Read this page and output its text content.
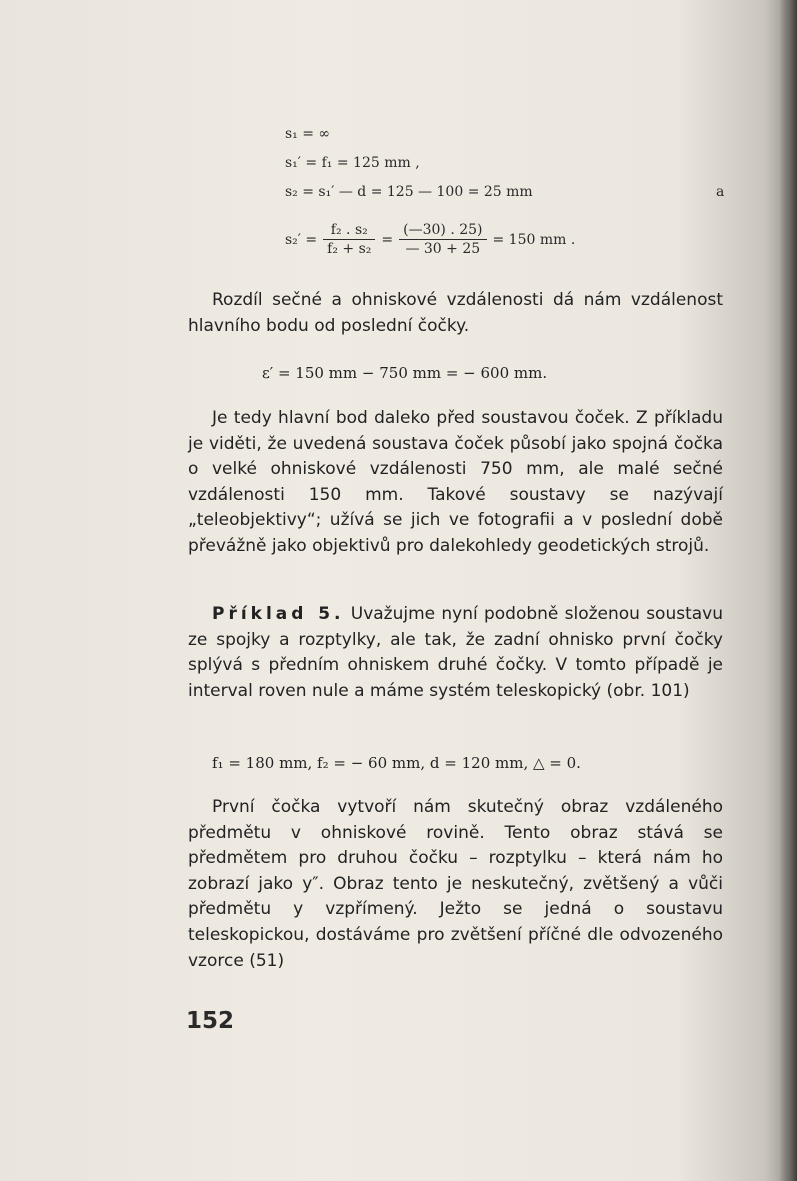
s₁ = ∞
s₁′ = f₁ = 125 mm ,
s₂ = s₁′ — d = 125 — 100 = 25 mm	a
$s_2' = \frac{\text{f₂ . s₂}}{\text{f₂ + s₂}} = \frac{(—30) . 25)}{— 30 + 25} = 150$ mm .

Rozdíl sečné a ohniskové vzdálenosti dá nám vzdálenost hlavního bodu od poslední čočky.

ε′ = 150 mm − 750 mm = − 600 mm.

Je tedy hlavní bod daleko před soustavou čoček. Z příkladu je viděti, že uvedená soustava čoček působí jako spojná čočka o velké ohniskové vzdálenosti 750 mm, ale malé sečné vzdálenosti 150 mm. Takové soustavy se nazývají „teleobjektivy“; užívá se jich ve fotografii a v poslední době převážně jako objektivů pro dalekohledy geodetických strojů.

Příklad 5. Uvažujme nyní podobně složenou soustavu ze spojky a rozptylky, ale tak, že zadní ohnisko první čočky splývá s předním ohniskem druhé čočky. V tomto případě je interval roven nule a máme systém teleskopický (obr. 101)

f₁ = 180 mm, f₂ = − 60 mm, d = 120 mm, △ = 0.

První čočka vytvoří nám skutečný obraz vzdáleného předmětu v ohniskové rovině. Tento obraz stává se předmětem pro druhou čočku – rozptylku – která nám ho zobrazí jako y″. Obraz tento je neskutečný, zvětšený a vůči předmětu y vzpřímený. Ježto se jedná o soustavu teleskopickou, dostáváme pro zvětšení příčné dle odvozeného vzorce (51)

152
